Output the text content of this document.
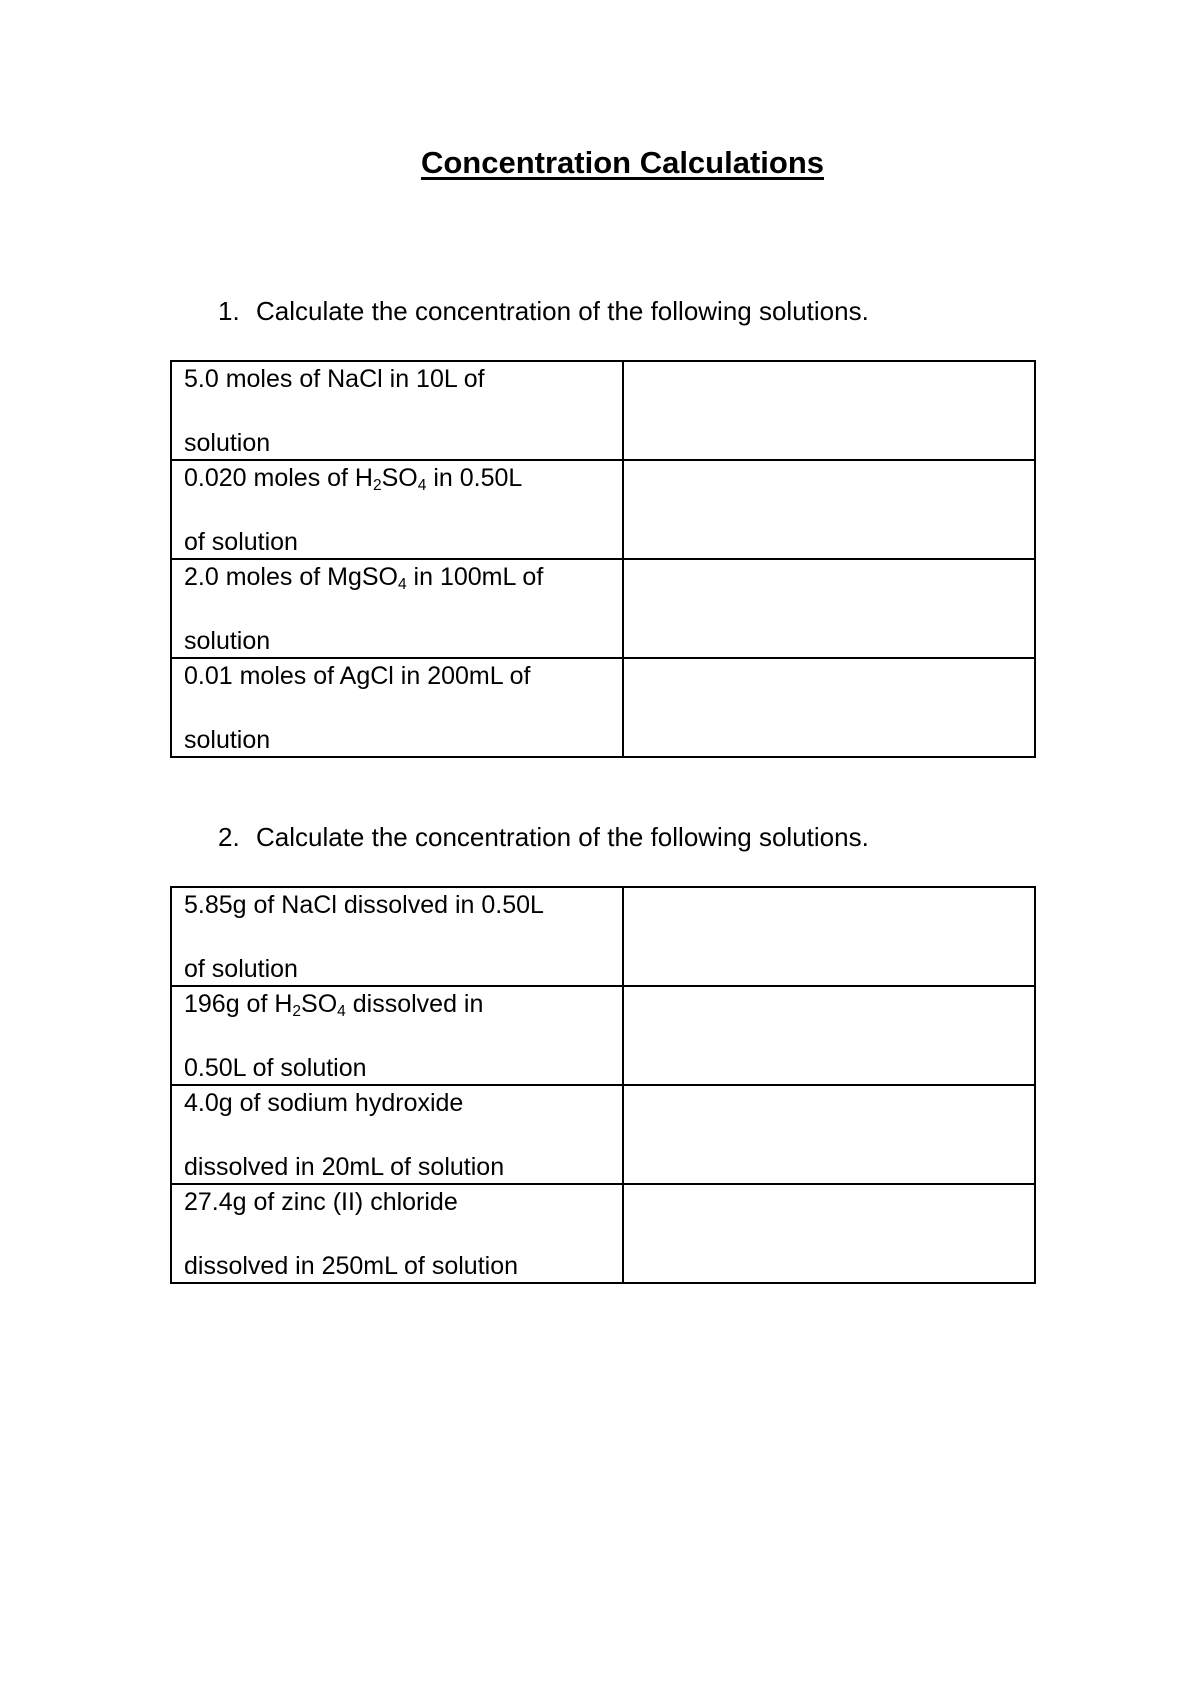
Concentration Calculations
1. Calculate the concentration of the following solutions.
5.0 moles of NaCl in 10L of
solution	

0.020 moles of $H_2SO_4$ in 0.50L
of solution	

2.0 moles of MgSO$_4$ in 100mL of
solution	

0.01 moles of AgCl in 200mL of
solution	

2. Calculate the concentration of the following solutions.
5.85g of NaCl dissolved in 0.50L
of solution	

196g of $H_2SO_4$ dissolved in
0.50L of solution	

4.0g of sodium hydroxide
dissolved in 20mL of solution	

27.4g of zinc (II) chloride
dissolved in 250mL of solution	
